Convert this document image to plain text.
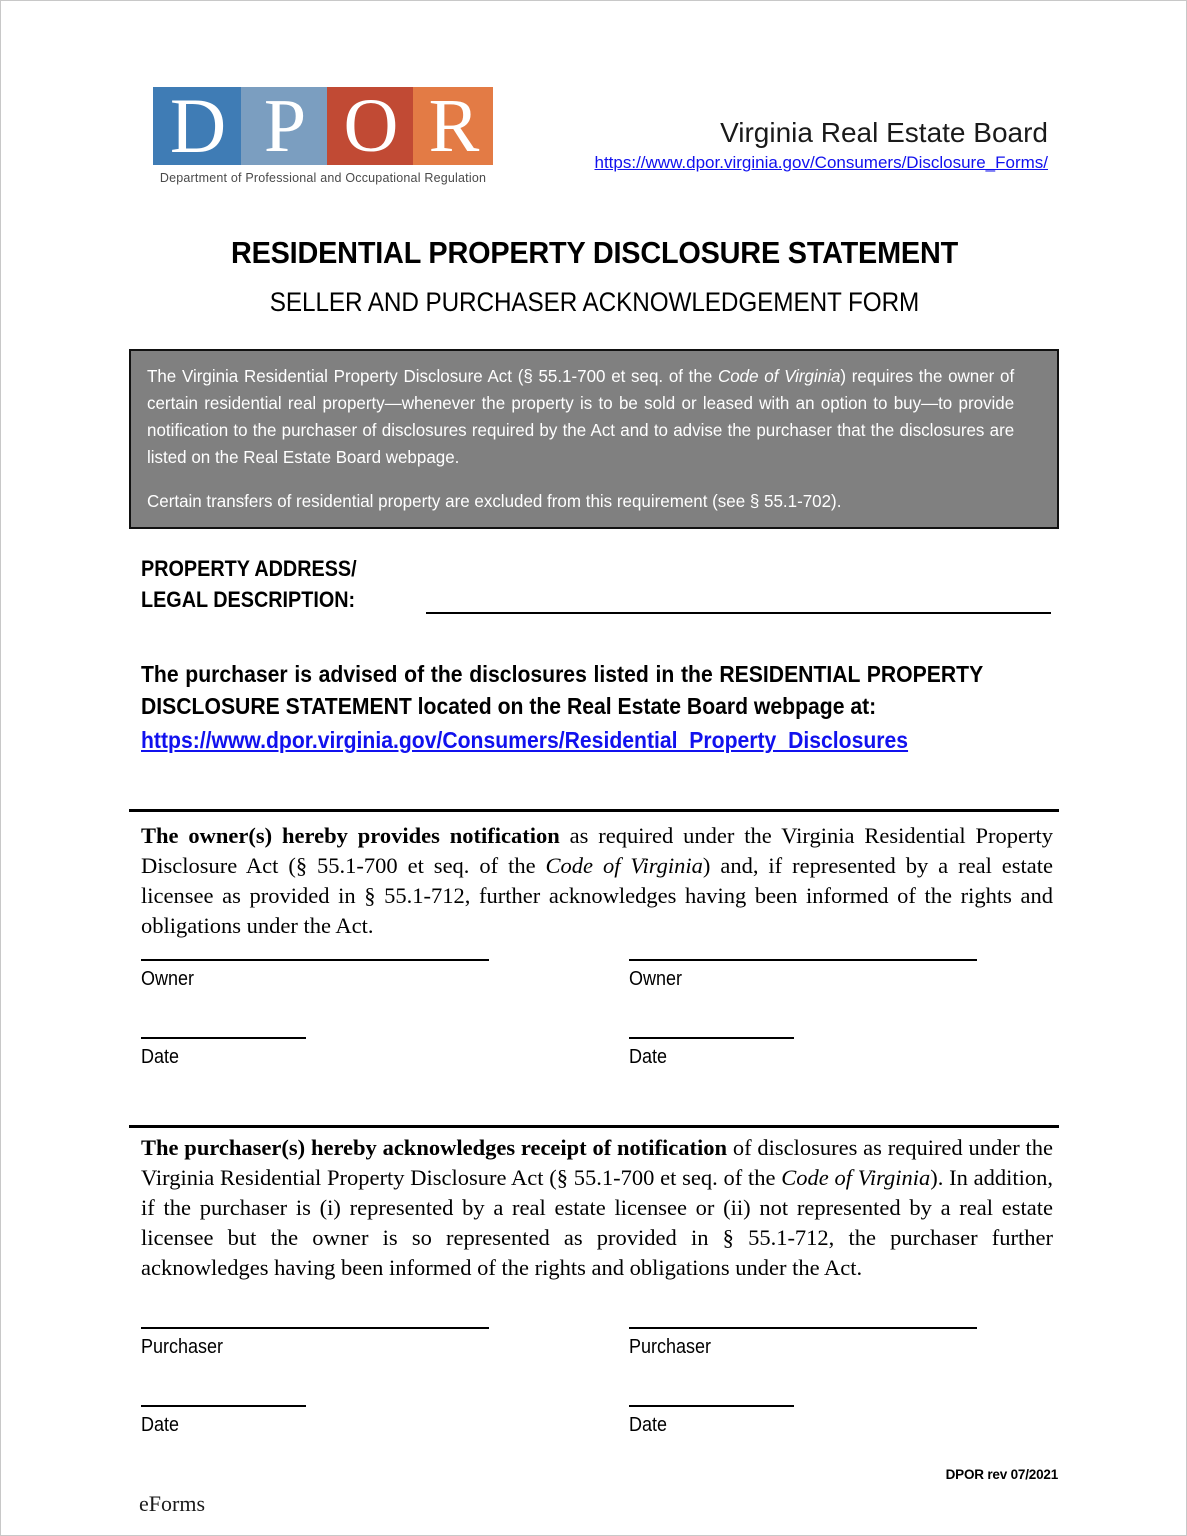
D P O R
Department of Professional and Occupational Regulation
Virginia Real Estate Board
https://www.dpor.virginia.gov/Consumers/Disclosure_Forms/
RESIDENTIAL PROPERTY DISCLOSURE STATEMENT
SELLER AND PURCHASER ACKNOWLEDGEMENT FORM

The Virginia Residential Property Disclosure Act (§ 55.1-700 et seq. of the Code of Virginia) requires the owner of certain residential real property—whenever the property is to be sold or leased with an option to buy—to provide notification to the purchaser of disclosures required by the Act and to advise the purchaser that the disclosures are listed on the Real Estate Board webpage.

Certain transfers of residential property are excluded from this requirement (see § 55.1-702).

PROPERTY ADDRESS/
LEGAL DESCRIPTION:
The purchaser is advised of the disclosures listed in the RESIDENTIAL PROPERTY DISCLOSURE STATEMENT located on the Real Estate Board webpage at:
https://www.dpor.virginia.gov/Consumers/Residential_Property_Disclosures
The owner(s) hereby provides notification as required under the Virginia Residential Property Disclosure Act (§ 55.1-700 et seq. of the Code of Virginia) and, if represented by a real estate licensee as provided in § 55.1-712, further acknowledges having been informed of the rights and obligations under the Act.
Owner	Owner
Date	Date
The purchaser(s) hereby acknowledges receipt of notification of disclosures as required under the Virginia Residential Property Disclosure Act (§ 55.1-700 et seq. of the Code of Virginia). In addition, if the purchaser is (i) represented by a real estate licensee or (ii) not represented by a real estate licensee but the owner is so represented as provided in § 55.1-712, the purchaser further acknowledges having been informed of the rights and obligations under the Act.
Purchaser	Purchaser
Date	Date
DPOR rev 07/2021
eForms
